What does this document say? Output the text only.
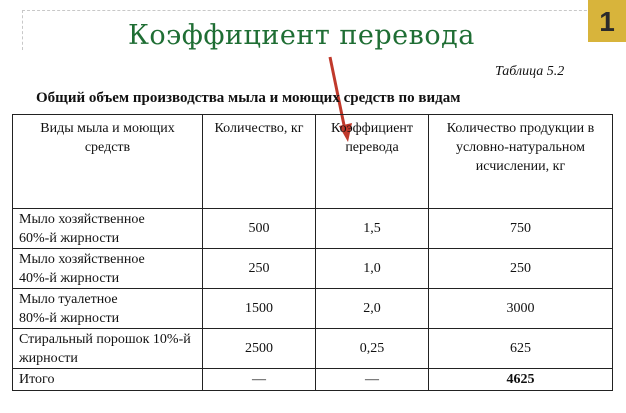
Коэффициент перевода	1
Таблица 5.2
Общий объем производства мыла и моющих средств по видам
Виды мыла и моющих средств	Количество, кг	Коэффициент перевода	Количество продукции в условно-натуральном исчислении, кг

Мыло хозяйственное
60%-й жирности	500	1,5	750

Мыло хозяйственное
40%-й жирности	250	1,0	250

Мыло туалетное
80%-й жирности	1500	2,0	3000
Стиральный порошок 10%-й жирности	2500	0,25	625
Итого	—	—	4625
